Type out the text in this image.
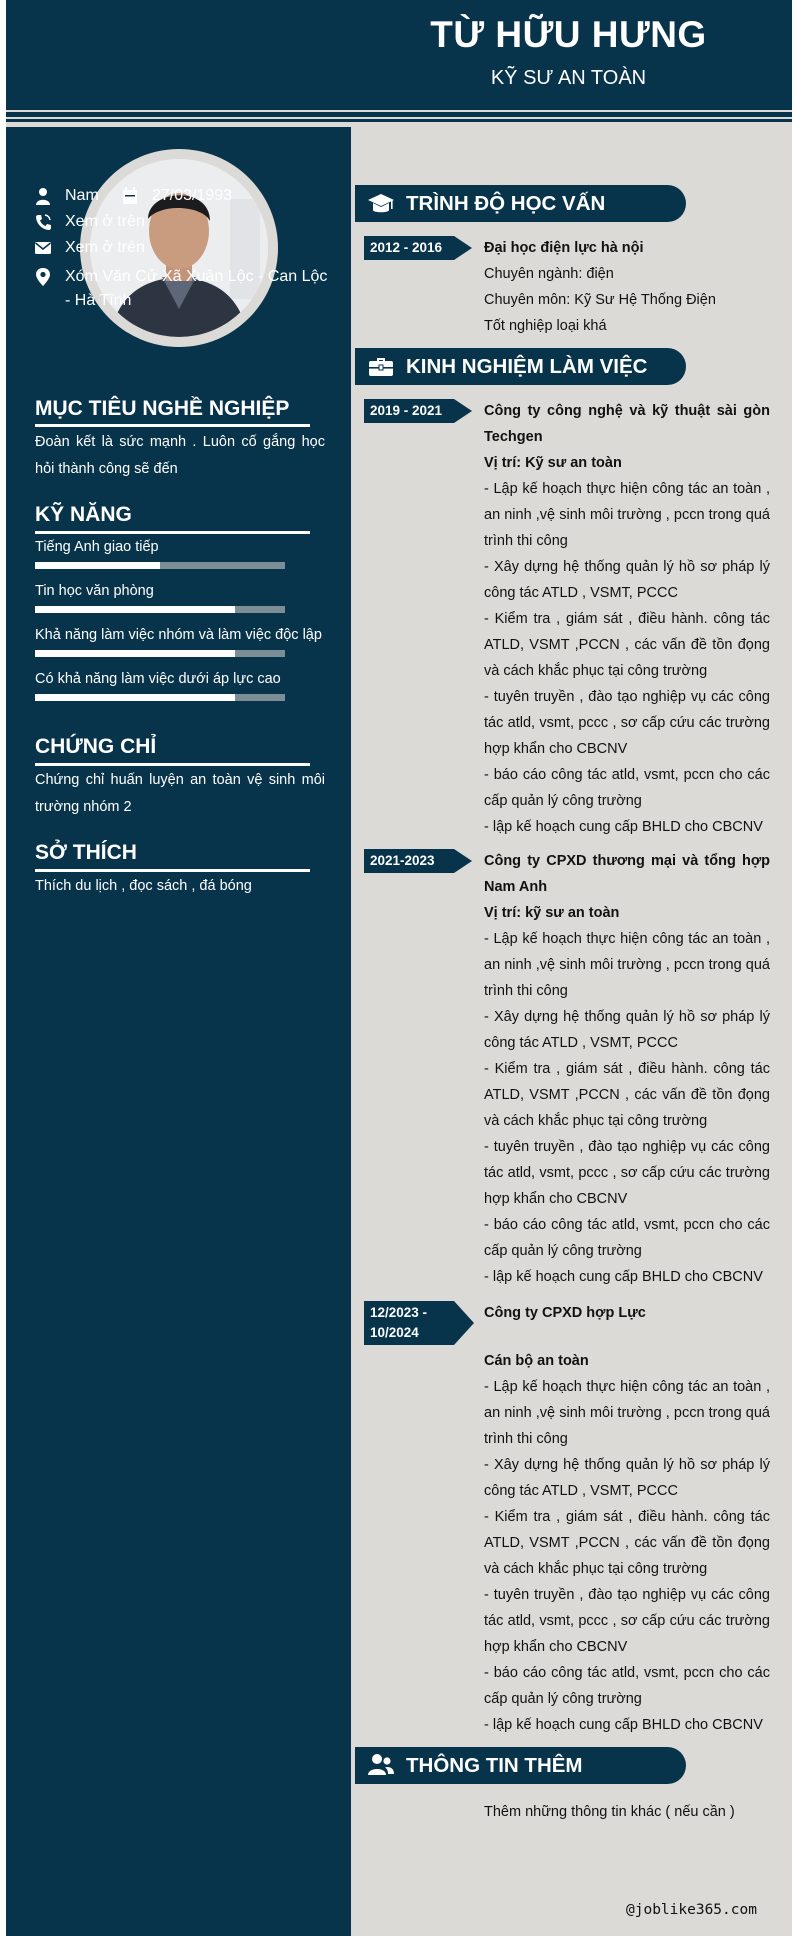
TỪ HỮU HƯNG
KỸ SƯ AN TOÀN
Nam	27/03/1993
Xem ở trên
Xem ở trên
Xóm Văn Cử Xã Xuân Lộc - Can Lộc - Hà Tĩnh
MỤC TIÊU NGHỀ NGHIỆP
Đoàn kết là sức mạnh . Luôn cố gắng học hỏi thành công sẽ đến
KỸ NĂNG
Tiếng Anh giao tiếp
Tin học văn phòng
Khả năng làm việc nhóm và làm việc độc lập
Có khả năng làm việc dưới áp lực cao
CHỨNG CHỈ
Chứng chỉ huấn luyện an toàn vệ sinh môi trường nhóm 2
SỞ THÍCH
Thích du lịch , đọc sách , đá bóng
TRÌNH ĐỘ HỌC VẤN
2012 - 2016	Đại học điện lực hà nội
Chuyên ngành: điện
Chuyên môn: Kỹ Sư Hệ Thống Điện
Tốt nghiệp loại khá
KINH NGHIỆM LÀM VIỆC
2019 - 2021	Công ty công nghệ và kỹ thuật sài gòn Techgen
Vị trí: Kỹ sư an toàn
- Lập kế hoạch thực hiện công tác an toàn , an ninh ,vệ sinh môi trường , pccn trong quá trình thi công
- Xây dựng hệ thống quản lý hồ sơ pháp lý công tác ATLD , VSMT, PCCC
- Kiểm tra , giám sát , điều hành. công tác ATLD, VSMT ,PCCN , các vấn đề tồn đọng và cách khắc phục tại công trường
- tuyên truyền , đào tạo nghiệp vụ các công tác atld, vsmt, pccc , sơ cấp cứu các trường hợp khẩn cho CBCNV
- báo cáo công tác atld, vsmt, pccn cho các cấp quản lý công trường
- lập kế hoạch cung cấp BHLD cho CBCNV
2021-2023	Công ty CPXD thương mại và tổng hợp Nam Anh
Vị trí: kỹ sư an toàn
- Lập kế hoạch thực hiện công tác an toàn , an ninh ,vệ sinh môi trường , pccn trong quá trình thi công
- Xây dựng hệ thống quản lý hồ sơ pháp lý công tác ATLD , VSMT, PCCC
- Kiểm tra , giám sát , điều hành. công tác ATLD, VSMT ,PCCN , các vấn đề tồn đọng và cách khắc phục tại công trường
- tuyên truyền , đào tạo nghiệp vụ các công tác atld, vsmt, pccc , sơ cấp cứu các trường hợp khẩn cho CBCNV
- báo cáo công tác atld, vsmt, pccn cho các cấp quản lý công trường
- lập kế hoạch cung cấp BHLD cho CBCNV
12/2023 - 10/2024
Công ty CPXD hợp Lực
Cán bộ an toàn
- Lập kế hoạch thực hiện công tác an toàn , an ninh ,vệ sinh môi trường , pccn trong quá trình thi công
- Xây dựng hệ thống quản lý hồ sơ pháp lý công tác ATLD , VSMT, PCCC
- Kiểm tra , giám sát , điều hành. công tác ATLD, VSMT ,PCCN , các vấn đề tồn đọng và cách khắc phục tại công trường
- tuyên truyền , đào tạo nghiệp vụ các công tác atld, vsmt, pccc , sơ cấp cứu các trường hợp khẩn cho CBCNV
- báo cáo công tác atld, vsmt, pccn cho các cấp quản lý công trường
- lập kế hoạch cung cấp BHLD cho CBCNV
THÔNG TIN THÊM
Thêm những thông tin khác ( nếu cần )
@joblike365.com
